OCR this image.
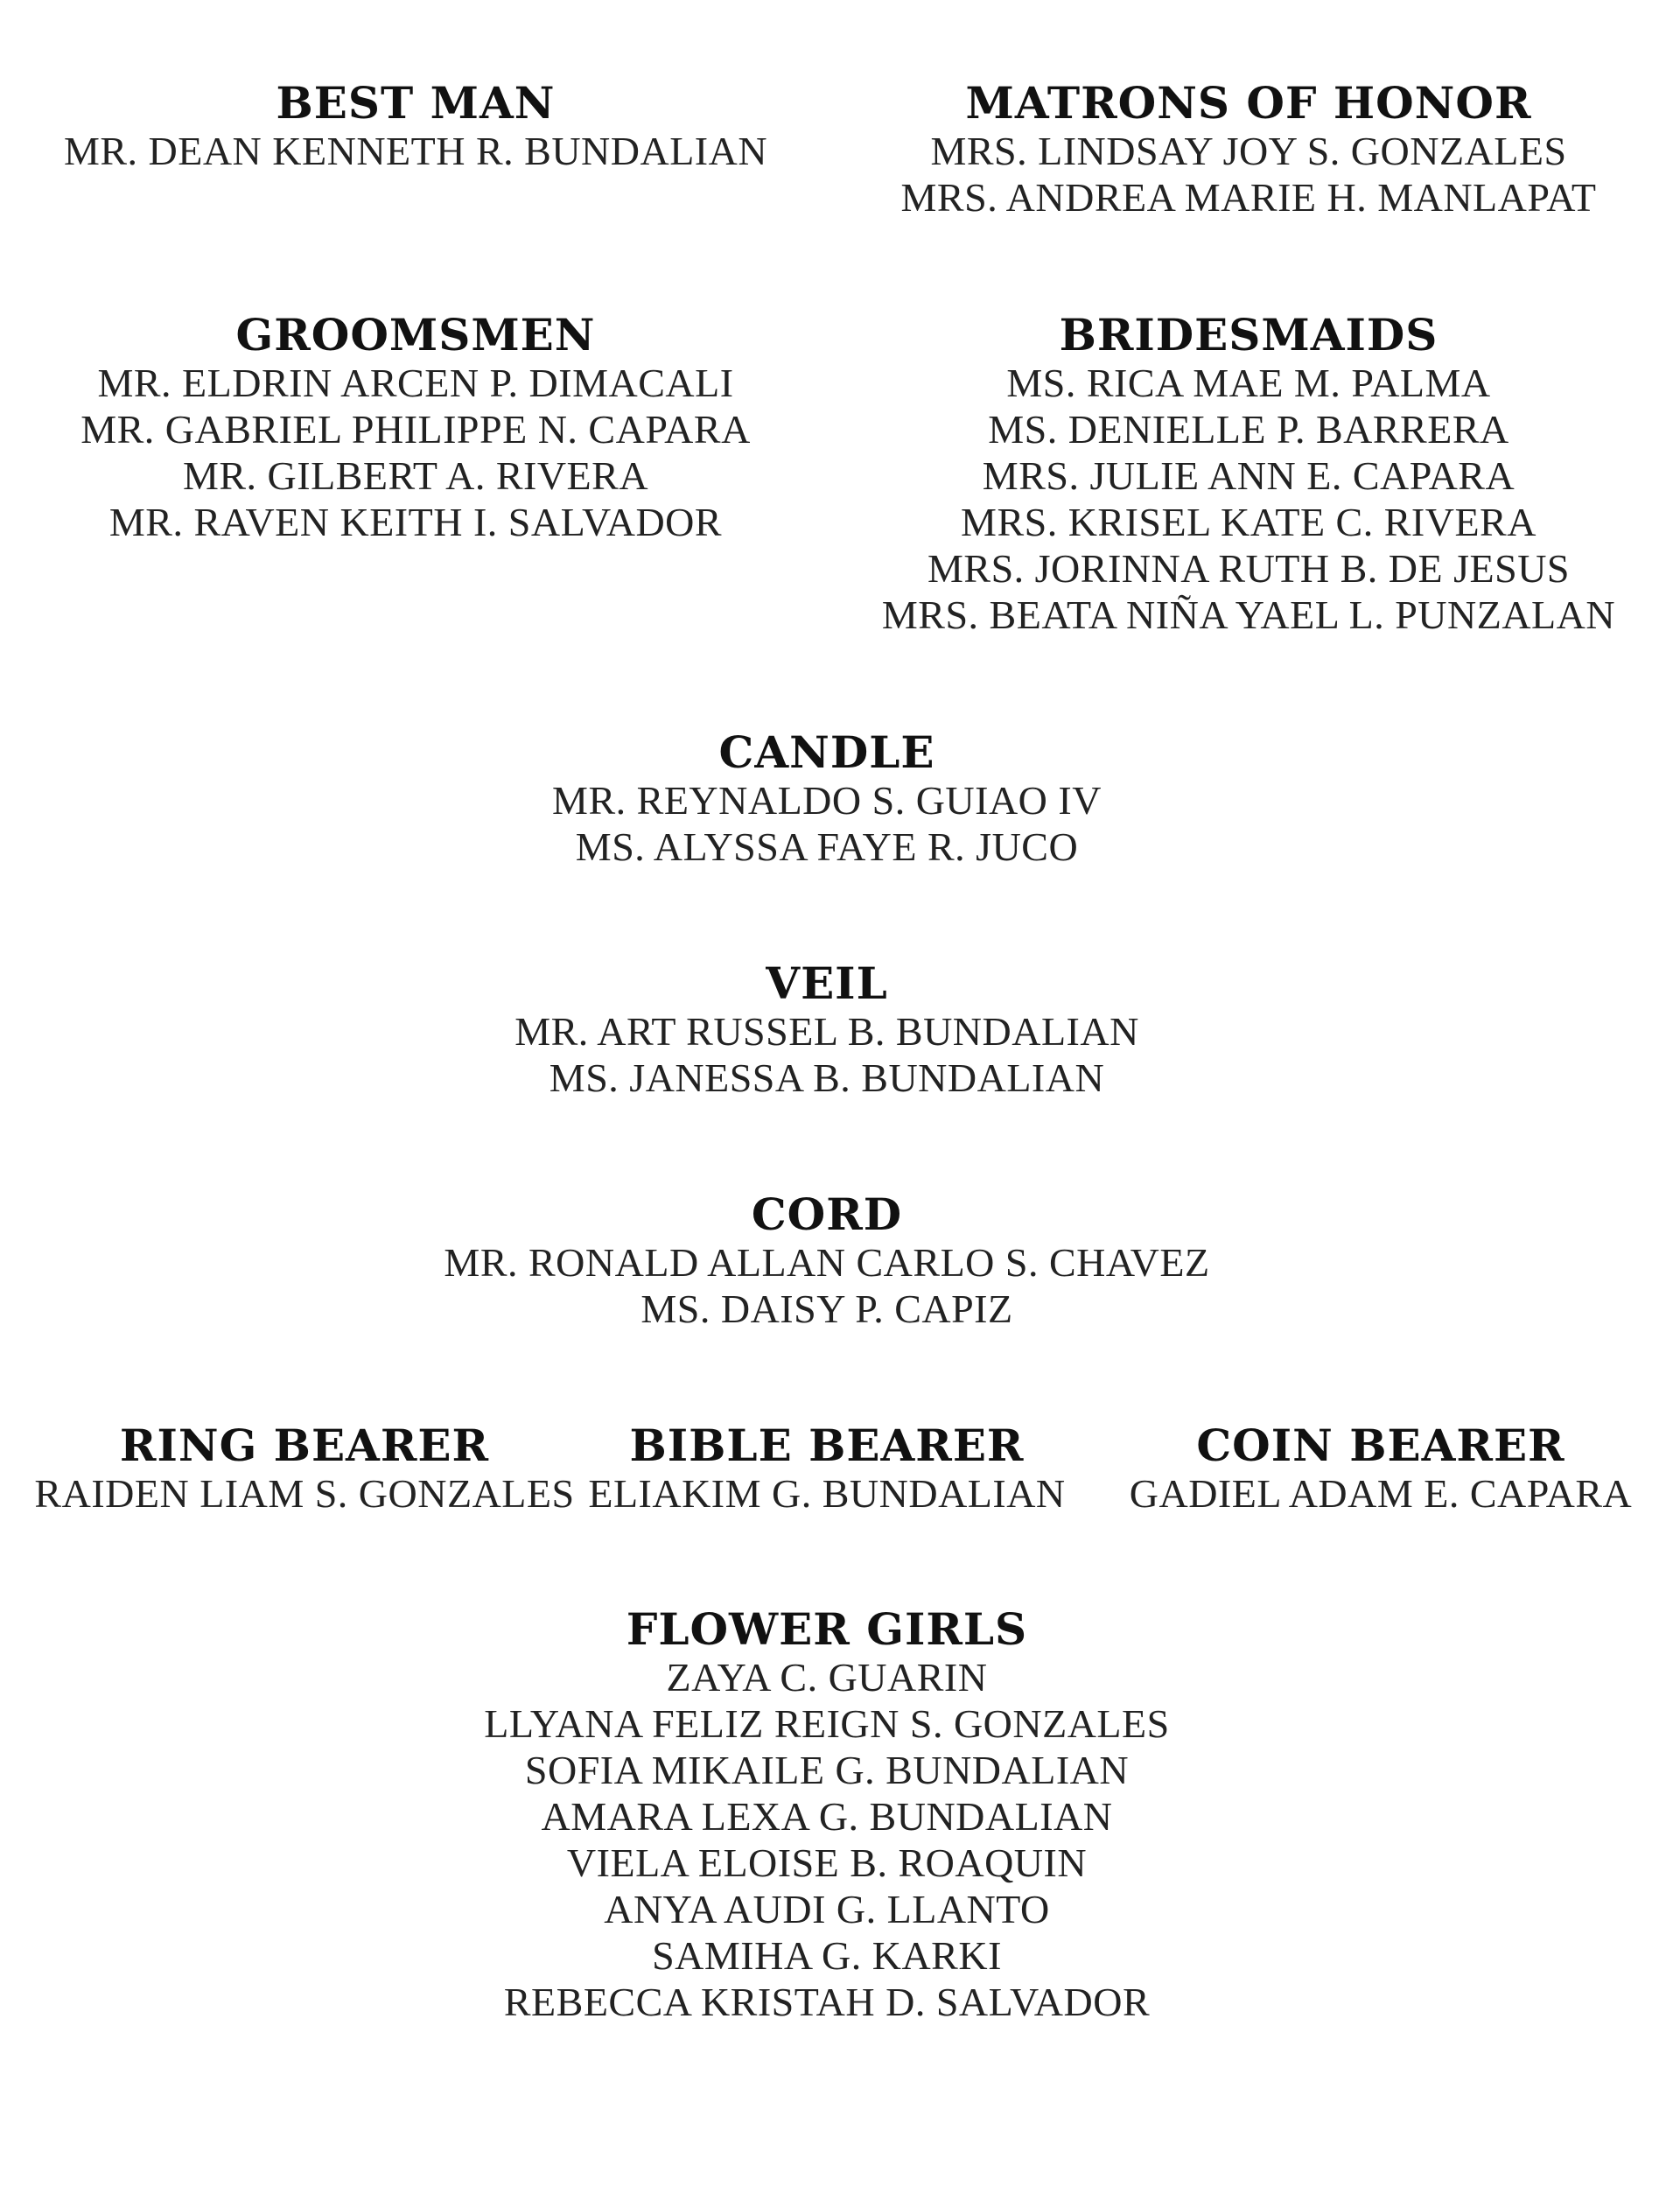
BEST MAN
MR. DEAN KENNETH R. BUNDALIAN
MATRONS OF HONOR
MRS. LINDSAY JOY S. GONZALES
MRS. ANDREA MARIE H. MANLAPAT
GROOMSMEN
MR. ELDRIN ARCEN P. DIMACALI
MR. GABRIEL PHILIPPE N. CAPARA
MR. GILBERT A. RIVERA
MR. RAVEN KEITH I. SALVADOR
BRIDESMAIDS
MS. RICA MAE M. PALMA
MS. DENIELLE P. BARRERA
MRS. JULIE ANN E. CAPARA
MRS. KRISEL KATE C. RIVERA
MRS. JORINNA RUTH B. DE JESUS
MRS. BEATA NIÑA YAEL L. PUNZALAN
CANDLE
MR. REYNALDO S. GUIAO IV
MS. ALYSSA FAYE R. JUCO
VEIL
MR. ART RUSSEL B. BUNDALIAN
MS. JANESSA B. BUNDALIAN
CORD
MR. RONALD ALLAN CARLO S. CHAVEZ
MS. DAISY P. CAPIZ
RING BEARER
RAIDEN LIAM S. GONZALES
BIBLE BEARER
ELIAKIM G. BUNDALIAN
COIN BEARER
GADIEL ADAM E. CAPARA
FLOWER GIRLS
ZAYA C. GUARIN
LLYANA FELIZ REIGN S. GONZALES
SOFIA MIKAILE G. BUNDALIAN
AMARA LEXA G. BUNDALIAN
VIELA ELOISE B. ROAQUIN
ANYA AUDI G. LLANTO
SAMIHA G. KARKI
REBECCA KRISTAH D. SALVADOR
